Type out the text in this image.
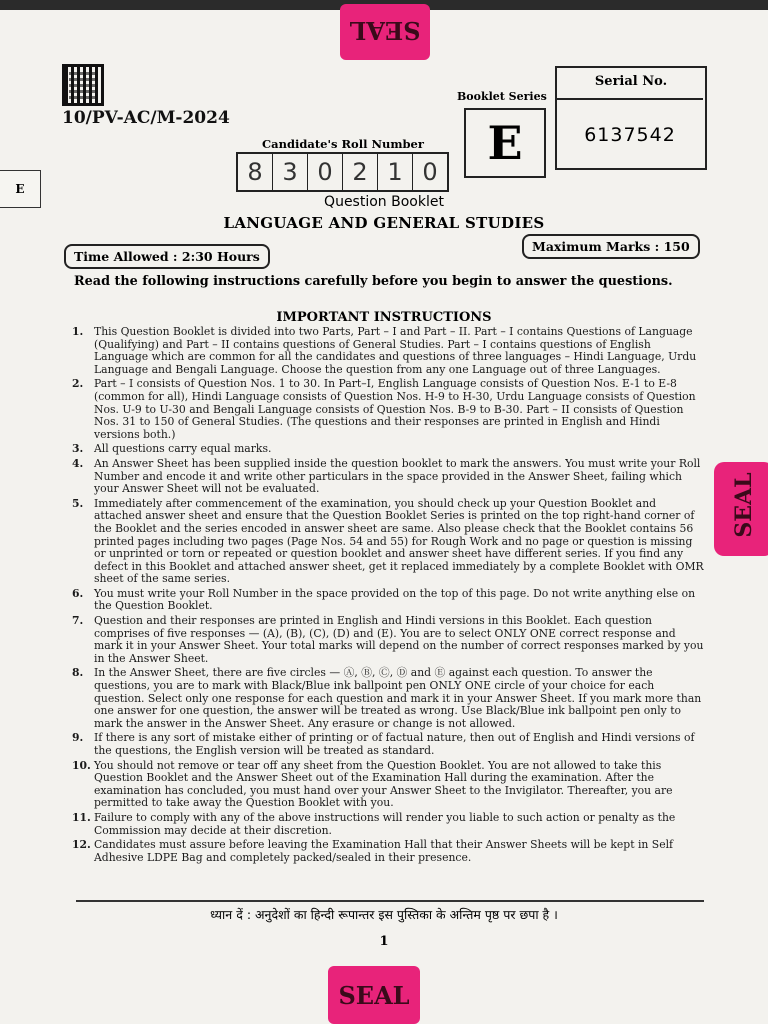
SEAL
SEAL
SEAL
10/PV-AC/M-2024
E
Booklet Series
E
Serial No.
6137542
Candidate's Roll Number
8 3 0 2 1 0
Question Booklet
LANGUAGE AND GENERAL STUDIES
Time Allowed : 2:30 Hours
Maximum Marks : 150
Read the following instructions carefully before you begin to answer the questions.
IMPORTANT INSTRUCTIONS
1. This Question Booklet is divided into two Parts, Part – I and Part – II. Part – I contains Questions of Language (Qualifying) and Part – II contains questions of General Studies. Part – I contains questions of English Language which are common for all the candidates and questions of three languages – Hindi Language, Urdu Language and Bengali Language. Choose the question from any one Language out of three Languages.
2. Part – I consists of Question Nos. 1 to 30. In Part–I, English Language consists of Question Nos. E-1 to E-8 (common for all), Hindi Language consists of Question Nos. H-9 to H-30, Urdu Language consists of Question Nos. U-9 to U-30 and Bengali Language consists of Question Nos. B-9 to B-30. Part – II consists of Question Nos. 31 to 150 of General Studies. (The questions and their responses are printed in English and Hindi versions both.)
3. All questions carry equal marks.
4. An Answer Sheet has been supplied inside the question booklet to mark the answers. You must write your Roll Number and encode it and write other particulars in the space provided in the Answer Sheet, failing which your Answer Sheet will not be evaluated.
5. Immediately after commencement of the examination, you should check up your Question Booklet and attached answer sheet and ensure that the Question Booklet Series is printed on the top right-hand corner of the Booklet and the series encoded in answer sheet are same. Also please check that the Booklet contains 56 printed pages including two pages (Page Nos. 54 and 55) for Rough Work and no page or question is missing or unprinted or torn or repeated or question booklet and answer sheet have different series. If you find any defect in this Booklet and attached answer sheet, get it replaced immediately by a complete Booklet with OMR sheet of the same series.
6. You must write your Roll Number in the space provided on the top of this page. Do not write anything else on the Question Booklet.
7. Question and their responses are printed in English and Hindi versions in this Booklet. Each question comprises of five responses — (A), (B), (C), (D) and (E). You are to select ONLY ONE correct response and mark it in your Answer Sheet. Your total marks will depend on the number of correct responses marked by you in the Answer Sheet.
8. In the Answer Sheet, there are five circles — Ⓐ, Ⓑ, Ⓒ, Ⓓ and Ⓔ against each question. To answer the questions, you are to mark with Black/Blue ink ballpoint pen ONLY ONE circle of your choice for each question. Select only one response for each question and mark it in your Answer Sheet. If you mark more than one answer for one question, the answer will be treated as wrong. Use Black/Blue ink ballpoint pen only to mark the answer in the Answer Sheet. Any erasure or change is not allowed.
9. If there is any sort of mistake either of printing or of factual nature, then out of English and Hindi versions of the questions, the English version will be treated as standard.
10. You should not remove or tear off any sheet from the Question Booklet. You are not allowed to take this Question Booklet and the Answer Sheet out of the Examination Hall during the examination. After the examination has concluded, you must hand over your Answer Sheet to the Invigilator. Thereafter, you are permitted to take away the Question Booklet with you.
11. Failure to comply with any of the above instructions will render you liable to such action or penalty as the Commission may decide at their discretion.
12. Candidates must assure before leaving the Examination Hall that their Answer Sheets will be kept in Self Adhesive LDPE Bag and completely packed/sealed in their presence.
ध्यान दें : अनुदेशों का हिन्दी रूपान्तर इस पुस्तिका के अन्तिम पृष्ठ पर छपा है ।
1
